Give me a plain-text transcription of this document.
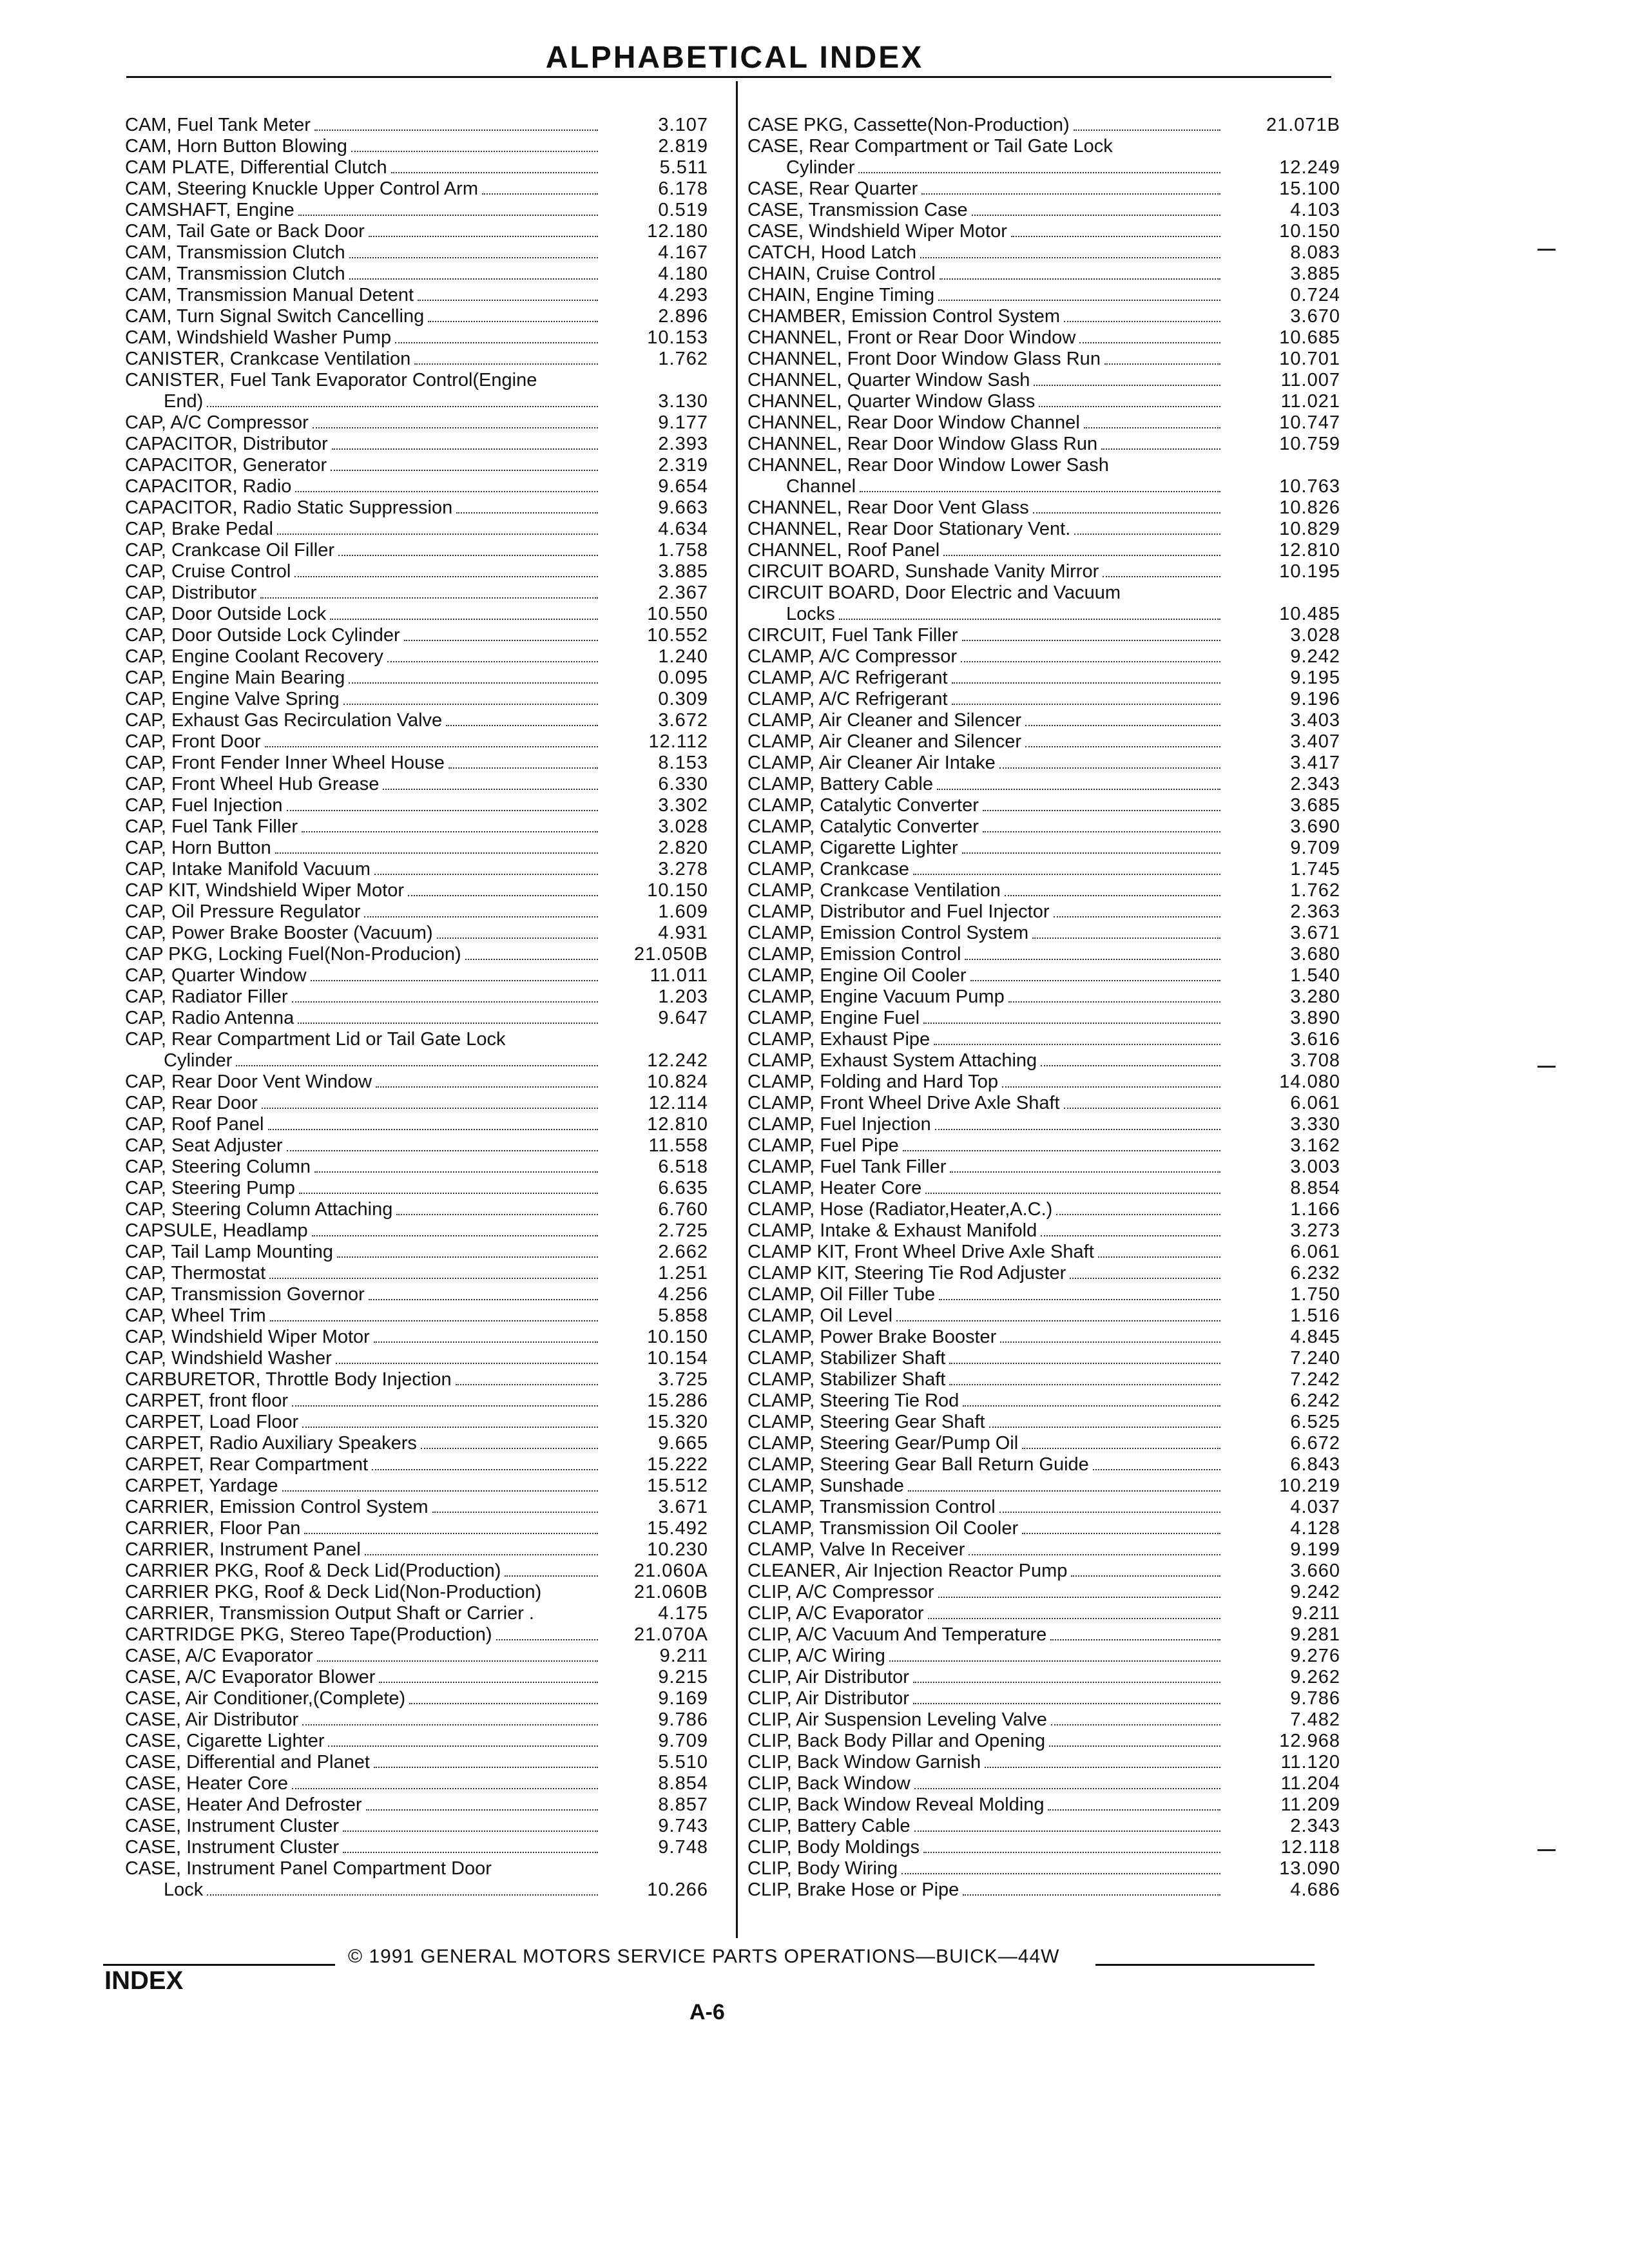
ALPHABETICAL INDEX
CAM, Fuel Tank Meter	3.107
CAM, Horn Button Blowing	2.819
CAM PLATE, Differential Clutch	5.511
CAM, Steering Knuckle Upper Control Arm	6.178
CAMSHAFT, Engine	0.519
CAM, Tail Gate or Back Door	12.180
CAM, Transmission Clutch	4.167
CAM, Transmission Clutch	4.180
CAM, Transmission Manual Detent	4.293
CAM, Turn Signal Switch Cancelling	2.896
CAM, Windshield Washer Pump	10.153
CANISTER, Crankcase Ventilation	1.762
CANISTER, Fuel Tank Evaporator Control(Engine
End)	3.130
CAP, A/C Compressor	9.177
CAPACITOR, Distributor	2.393
CAPACITOR, Generator	2.319
CAPACITOR, Radio	9.654
CAPACITOR, Radio Static Suppression	9.663
CAP, Brake Pedal	4.634
CAP, Crankcase Oil Filler	1.758
CAP, Cruise Control	3.885
CAP, Distributor	2.367
CAP, Door Outside Lock	10.550
CAP, Door Outside Lock Cylinder	10.552
CAP, Engine Coolant Recovery	1.240
CAP, Engine Main Bearing	0.095
CAP, Engine Valve Spring	0.309
CAP, Exhaust Gas Recirculation Valve	3.672
CAP, Front Door	12.112
CAP, Front Fender Inner Wheel House	8.153
CAP, Front Wheel Hub Grease	6.330
CAP, Fuel Injection	3.302
CAP, Fuel Tank Filler	3.028
CAP, Horn Button	2.820
CAP, Intake Manifold Vacuum	3.278
CAP KIT, Windshield Wiper Motor	10.150
CAP, Oil Pressure Regulator	1.609
CAP, Power Brake Booster (Vacuum)	4.931
CAP PKG, Locking Fuel(Non-Producion)	21.050B
CAP, Quarter Window	11.011
CAP, Radiator Filler	1.203
CAP, Radio Antenna	9.647
CAP, Rear Compartment Lid or Tail Gate Lock
Cylinder	12.242
CAP, Rear Door Vent Window	10.824
CAP, Rear Door	12.114
CAP, Roof Panel	12.810
CAP, Seat Adjuster	11.558
CAP, Steering Column	6.518
CAP, Steering Pump	6.635
CAP, Steering Column Attaching	6.760
CAPSULE, Headlamp	2.725
CAP, Tail Lamp Mounting	2.662
CAP, Thermostat	1.251
CAP, Transmission Governor	4.256
CAP, Wheel Trim	5.858
CAP, Windshield Wiper Motor	10.150
CAP, Windshield Washer	10.154
CARBURETOR, Throttle Body Injection	3.725
CARPET, front floor	15.286
CARPET, Load Floor	15.320
CARPET, Radio Auxiliary Speakers	9.665
CARPET, Rear Compartment	15.222
CARPET, Yardage	15.512
CARRIER, Emission Control System	3.671
CARRIER, Floor Pan	15.492
CARRIER, Instrument Panel	10.230
CARRIER PKG, Roof & Deck Lid(Production)	21.060A
CARRIER PKG, Roof & Deck Lid(Non-Production)	21.060B
CARRIER, Transmission Output Shaft or Carrier .	4.175
CARTRIDGE PKG, Stereo Tape(Production)	21.070A
CASE, A/C Evaporator	9.211
CASE, A/C Evaporator Blower	9.215
CASE, Air Conditioner,(Complete)	9.169
CASE, Air Distributor	9.786
CASE, Cigarette Lighter	9.709
CASE, Differential and Planet	5.510
CASE, Heater Core	8.854
CASE, Heater And Defroster	8.857
CASE, Instrument Cluster	9.743
CASE, Instrument Cluster	9.748
CASE, Instrument Panel Compartment Door
Lock	10.266
CASE PKG, Cassette(Non-Production)	21.071B
CASE, Rear Compartment or Tail Gate Lock
Cylinder	12.249
CASE, Rear Quarter	15.100
CASE, Transmission Case	4.103
CASE, Windshield Wiper Motor	10.150
CATCH, Hood Latch	8.083
CHAIN, Cruise Control	3.885
CHAIN, Engine Timing	0.724
CHAMBER, Emission Control System	3.670
CHANNEL, Front or Rear Door Window	10.685
CHANNEL, Front Door Window Glass Run	10.701
CHANNEL, Quarter Window Sash	11.007
CHANNEL, Quarter Window Glass	11.021
CHANNEL, Rear Door Window Channel	10.747
CHANNEL, Rear Door Window Glass Run	10.759
CHANNEL, Rear Door Window Lower Sash
Channel	10.763
CHANNEL, Rear Door Vent Glass	10.826
CHANNEL, Rear Door Stationary Vent.	10.829
CHANNEL, Roof Panel	12.810
CIRCUIT BOARD, Sunshade Vanity Mirror	10.195
CIRCUIT BOARD, Door Electric and Vacuum
Locks	10.485
CIRCUIT, Fuel Tank Filler	3.028
CLAMP, A/C Compressor	9.242
CLAMP, A/C Refrigerant	9.195
CLAMP, A/C Refrigerant	9.196
CLAMP, Air Cleaner and Silencer	3.403
CLAMP, Air Cleaner and Silencer	3.407
CLAMP, Air Cleaner Air Intake	3.417
CLAMP, Battery Cable	2.343
CLAMP, Catalytic Converter	3.685
CLAMP, Catalytic Converter	3.690
CLAMP, Cigarette Lighter	9.709
CLAMP, Crankcase	1.745
CLAMP, Crankcase Ventilation	1.762
CLAMP, Distributor and Fuel Injector	2.363
CLAMP, Emission Control System	3.671
CLAMP, Emission Control	3.680
CLAMP, Engine Oil Cooler	1.540
CLAMP, Engine Vacuum Pump	3.280
CLAMP, Engine Fuel	3.890
CLAMP, Exhaust Pipe	3.616
CLAMP, Exhaust System Attaching	3.708
CLAMP, Folding and Hard Top	14.080
CLAMP, Front Wheel Drive Axle Shaft	6.061
CLAMP, Fuel Injection	3.330
CLAMP, Fuel Pipe	3.162
CLAMP, Fuel Tank Filler	3.003
CLAMP, Heater Core	8.854
CLAMP, Hose (Radiator,Heater,A.C.)	1.166
CLAMP, Intake & Exhaust Manifold	3.273
CLAMP KIT, Front Wheel Drive Axle Shaft	6.061
CLAMP KIT, Steering Tie Rod Adjuster	6.232
CLAMP, Oil Filler Tube	1.750
CLAMP, Oil Level	1.516
CLAMP, Power Brake Booster	4.845
CLAMP, Stabilizer Shaft	7.240
CLAMP, Stabilizer Shaft	7.242
CLAMP, Steering Tie Rod	6.242
CLAMP, Steering Gear Shaft	6.525
CLAMP, Steering Gear/Pump Oil	6.672
CLAMP, Steering Gear Ball Return Guide	6.843
CLAMP, Sunshade	10.219
CLAMP, Transmission Control	4.037
CLAMP, Transmission Oil Cooler	4.128
CLAMP, Valve In Receiver	9.199
CLEANER, Air Injection Reactor Pump	3.660
CLIP, A/C Compressor	9.242
CLIP, A/C Evaporator	9.211
CLIP, A/C Vacuum And Temperature	9.281
CLIP, A/C Wiring	9.276
CLIP, Air Distributor	9.262
CLIP, Air Distributor	9.786
CLIP, Air Suspension Leveling Valve	7.482
CLIP, Back Body Pillar and Opening	12.968
CLIP, Back Window Garnish	11.120
CLIP, Back Window	11.204
CLIP, Back Window Reveal Molding	11.209
CLIP, Battery Cable	2.343
CLIP, Body Moldings	12.118
CLIP, Body Wiring	13.090
CLIP, Brake Hose or Pipe	4.686
© 1991 GENERAL MOTORS SERVICE PARTS OPERATIONS—BUICK—44W
INDEX
A-6
